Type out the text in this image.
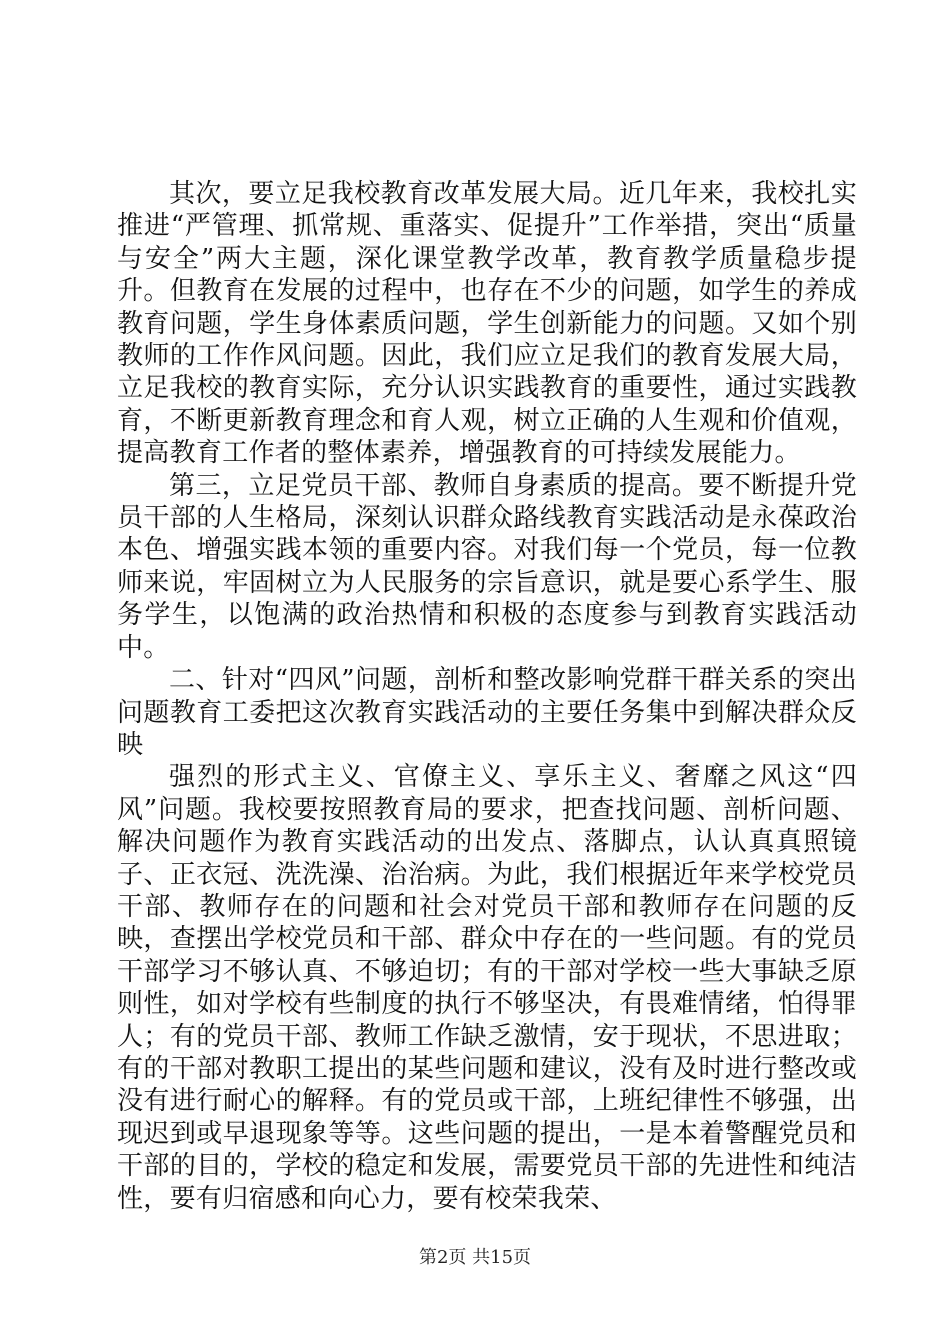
其次，要立足我校教育改革发展大局。近几年来，我校扎实推进“严管理、抓常规、重落实、促提升”工作举措，突出“质量与安全”两大主题，深化课堂教学改革，教育教学质量稳步提升。但教育在发展的过程中，也存在不少的问题，如学生的养成教育问题，学生身体素质问题，学生创新能力的问题。又如个别教师的工作作风问题。因此，我们应立足我们的教育发展大局，立足我校的教育实际，充分认识实践教育的重要性，通过实践教育，不断更新教育理念和育人观，树立正确的人生观和价值观，提高教育工作者的整体素养，增强教育的可持续发展能力。

第三，立足党员干部、教师自身素质的提高。要不断提升党员干部的人生格局，深刻认识群众路线教育实践活动是永葆政治本色、增强实践本领的重要内容。对我们每一个党员，每一位教师来说，牢固树立为人民服务的宗旨意识，就是要心系学生、服务学生，以饱满的政治热情和积极的态度参与到教育实践活动中。

二、针对“四风”问题，剖析和整改影响党群干群关系的突出问题教育工委把这次教育实践活动的主要任务集中到解决群众反映

强烈的形式主义、官僚主义、享乐主义、奢靡之风这“四风”问题。我校要按照教育局的要求，把查找问题、剖析问题、解决问题作为教育实践活动的出发点、落脚点，认认真真照镜子、正衣冠、洗洗澡、治治病。为此，我们根据近年来学校党员干部、教师存在的问题和社会对党员干部和教师存在问题的反映，查摆出学校党员和干部、群众中存在的一些问题。有的党员干部学习不够认真、不够迫切；有的干部对学校一些大事缺乏原则性，如对学校有些制度的执行不够坚决，有畏难情绪，怕得罪人；有的党员干部、教师工作缺乏激情，安于现状，不思进取；有的干部对教职工提出的某些问题和建议，没有及时进行整改或没有进行耐心的解释。有的党员或干部，上班纪律性不够强，出现迟到或早退现象等等。这些问题的提出，一是本着警醒党员和干部的目的，学校的稳定和发展，需要党员干部的先进性和纯洁性，要有归宿感和向心力，要有校荣我荣、

第2页 共15页
